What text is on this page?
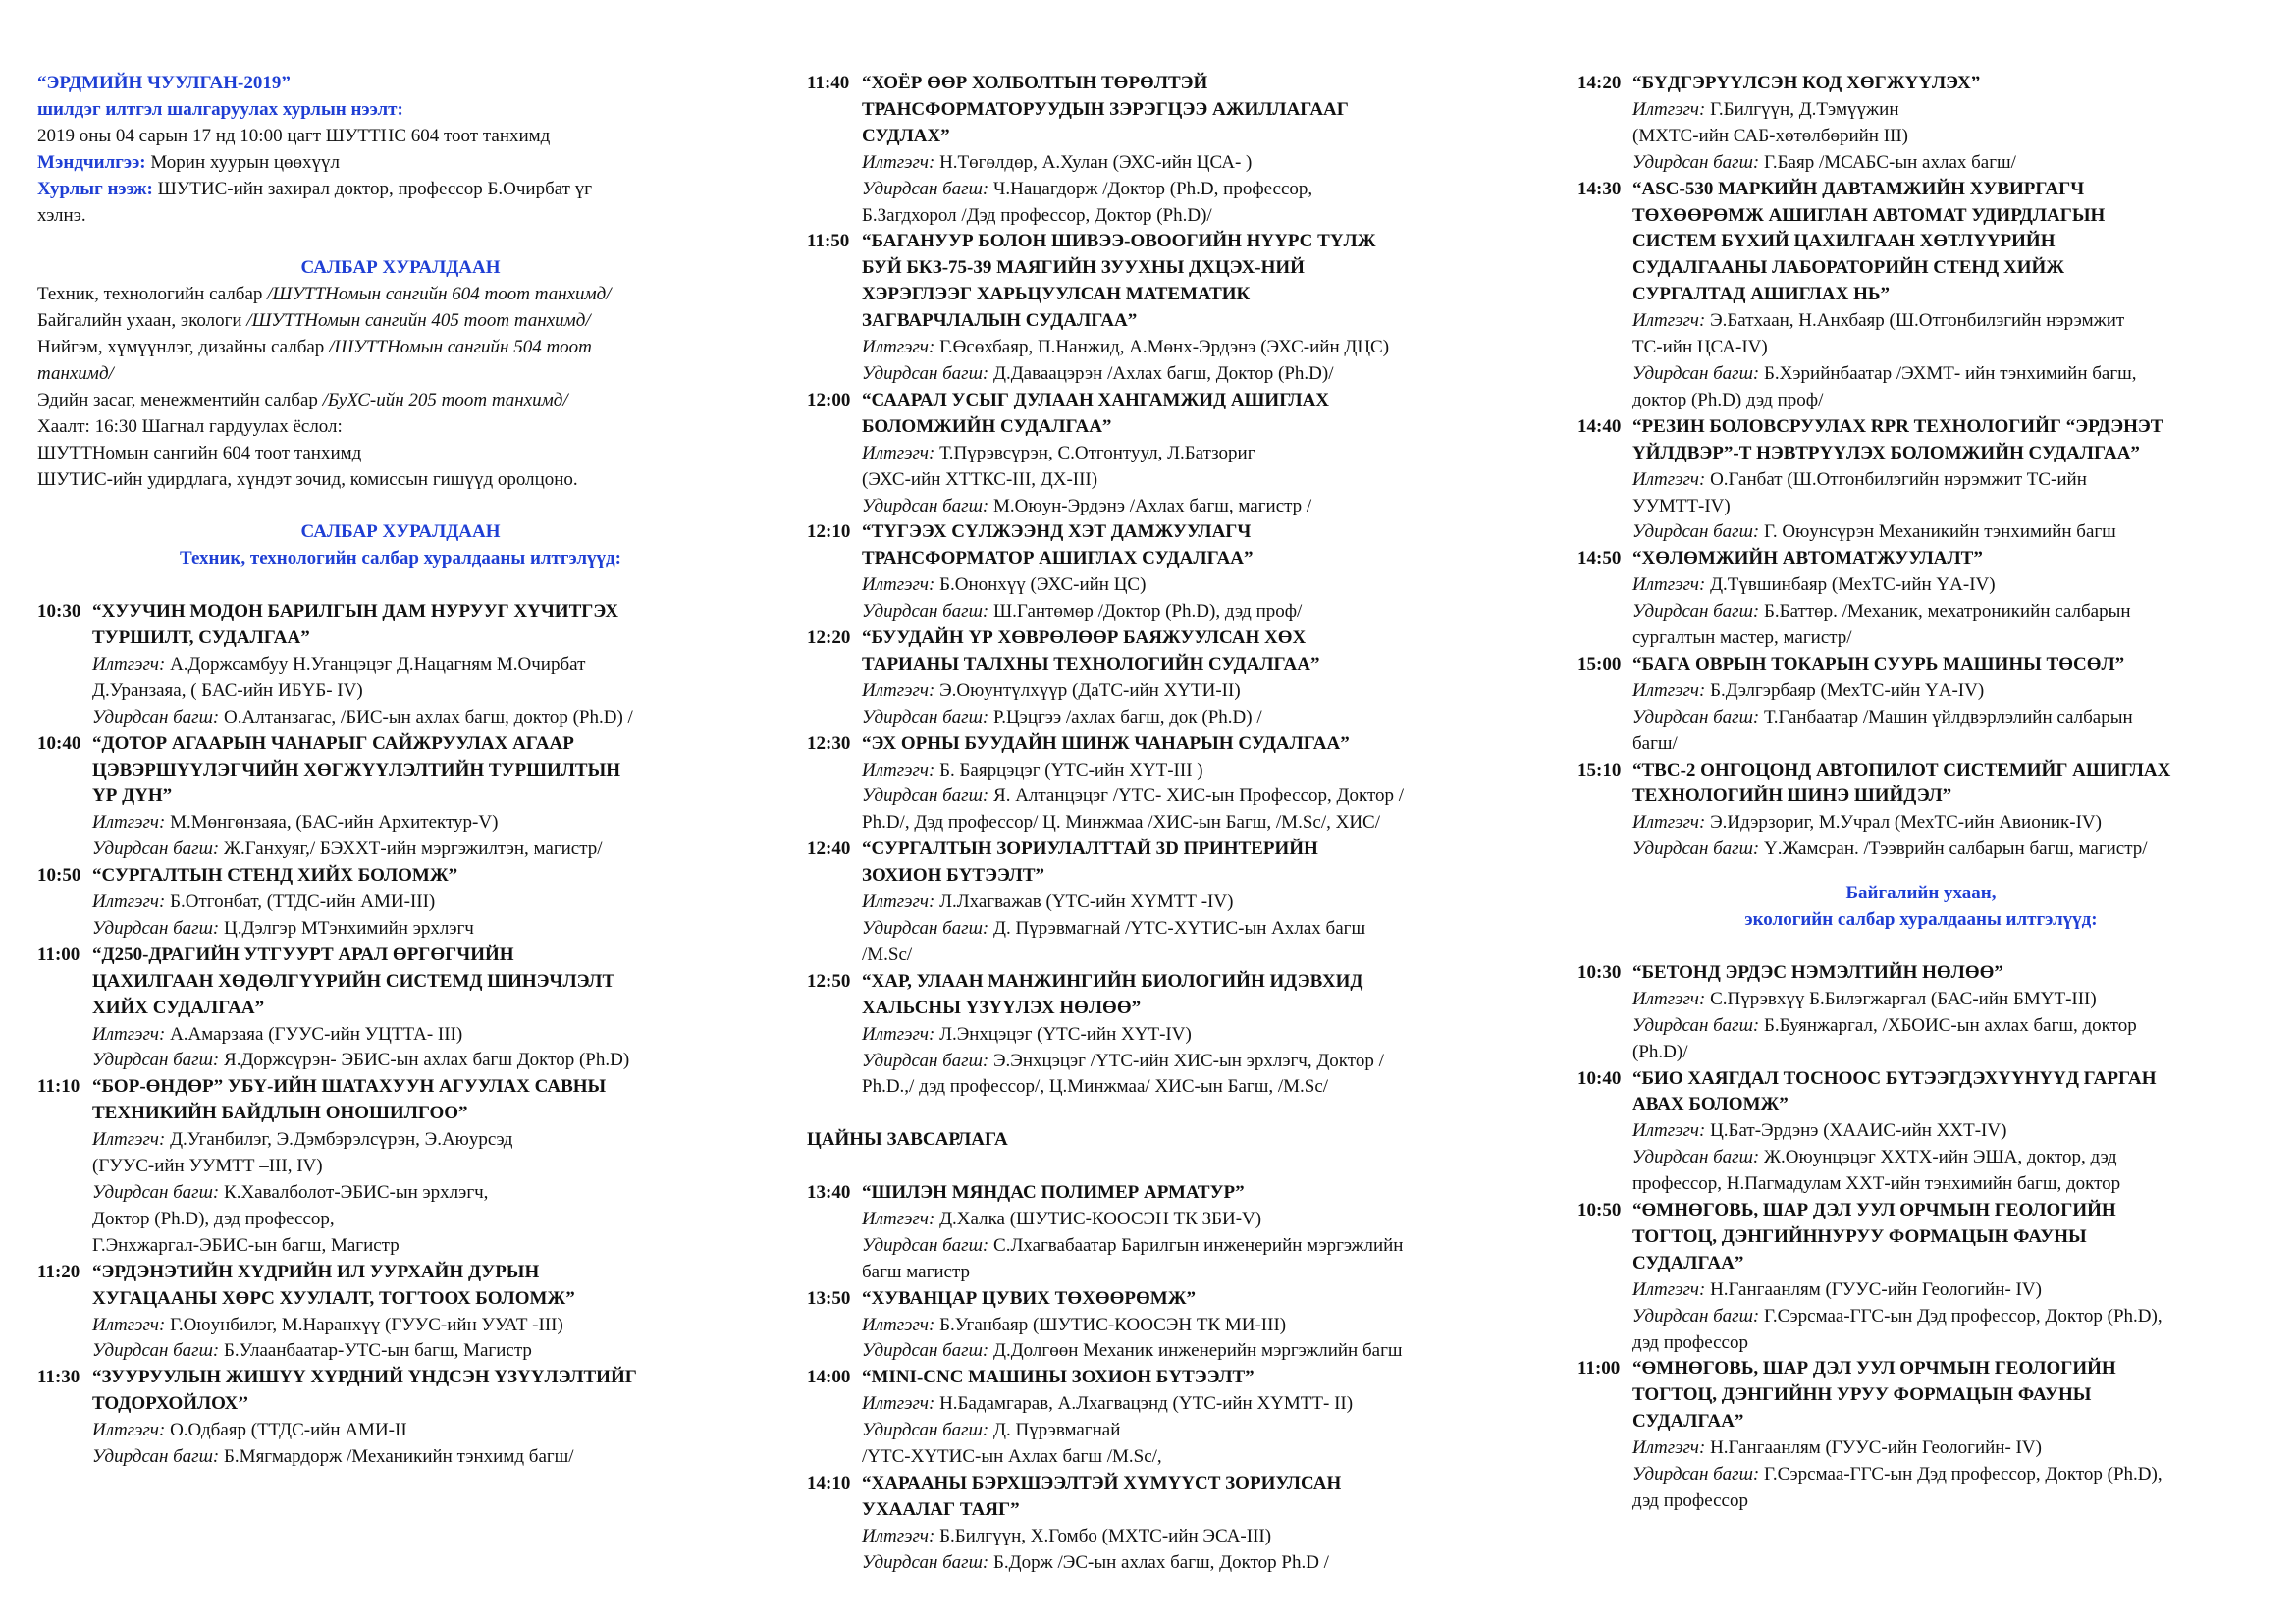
“ЭРДМИЙН ЧУУЛГАН-2019”
шилдэг илтгэл шалгаруулах хурлын нээлт:
2019 оны 04 сарын 17 нд 10:00 цагт ШУТТНС 604 тоот танхимд
Мэндчилгээ: Морин хуурын цөөхүүл
Хурлыг нээж: ШУТИС-ийн захирал доктор, профессор Б.Очирбат үг
хэлнэ.
САЛБАР ХУРАЛДААН
Техник, технологийн салбар /ШУТТНомын сангийн 604 тоот танхимд/
Байгалийн ухаан, экологи /ШУТТНомын сангийн 405 тоот танхимд/
Нийгэм, хүмүүнлэг, дизайны салбар /ШУТТНомын сангийн 504 тоот
танхимд/
Эдийн засаг, менежментийн салбар /БуХС-ийн 205 тоот танхимд/
Хаалт: 16:30 Шагнал гардуулах ёслол:
ШУТТНомын сангийн 604 тоот танхимд
ШУТИС-ийн удирдлага, хүндэт зочид, комиссын гишүүд оролцоно.
САЛБАР ХУРАЛДААН
Техник, технологийн салбар хуралдааны илтгэлүүд:
10:30 “ХУУЧИН МОДОН БАРИЛГЫН ДАМ НУРУУГ ХҮЧИТГЭХ
ТУРШИЛТ, СУДАЛГАА”
Илтгэгч: А.Доржсамбуу Н.Уганцэцэг Д.Нацагням М.Очирбат
Д.Уранзаяа, ( БАС-ийн ИБҮБ- IV)
Удирдсан багш: О.Алтанзагас, /БИС-ын ахлах багш, доктор (Ph.D) /
10:40 “ДОТОР АГААРЫН ЧАНАРЫГ САЙЖРУУЛАХ АГААР
ЦЭВЭРШҮҮЛЭГЧИЙН ХӨГЖҮҮЛЭЛТИЙН ТУРШИЛТЫН
ҮР ДҮН”
Илтгэгч: М.Мөнгөнзаяа, (БАС-ийн Архитектур-V)
Удирдсан багш: Ж.Ганхуяг,/ БЭХХТ-ийн мэргэжилтэн, магистр/
10:50 “СУРГАЛТЫН СТЕНД ХИЙХ БОЛОМЖ”
Илтгэгч: Б.Отгонбат, (ТТДС-ийн АМИ-III)
Удирдсан багш: Ц.Дэлгэр МТэнхимийн эрхлэгч
11:00 “Д250-ДРАГИЙН УТГУУРТ АРАЛ ӨРГӨГЧИЙН
ЦАХИЛГААН ХӨДӨЛГҮҮРИЙН СИСТЕМД ШИНЭЧЛЭЛТ
ХИЙХ СУДАЛГАА”
Илтгэгч: А.Амарзаяа (ГУУС-ийн УЦТТА- III)
Удирдсан багш: Я.Доржсүрэн- ЭБИС-ын ахлах багш Доктор (Ph.D)
11:10 “БОР-ӨНДӨР” УБҮ-ИЙН ШАТАХУУН АГУУЛАХ САВНЫ
ТЕХНИКИЙН БАЙДЛЫН ОНОШИЛГОО”
Илтгэгч: Д.Уганбилэг, Э.Дэмбэрэлсүрэн, Э.Аюурсэд
(ГУУС-ийн УУМТТ –III, IV)
Удирдсан багш: К.Хавалболот-ЭБИС-ын эрхлэгч,
Доктор (Ph.D), дэд профессор,
Г.Энхжаргал-ЭБИС-ын багш, Магистр
11:20 “ЭРДЭНЭТИЙН ХҮДРИЙН ИЛ УУРХАЙН ДУРЫН
ХУГАЦААНЫ ХӨРС ХУУЛАЛТ, ТОГТООХ БОЛОМЖ”
Илтгэгч: Г.Оюунбилэг, М.Наранхүү (ГУУС-ийн УУАТ -III)
Удирдсан багш: Б.Улаанбаатар-УТС-ын багш, Магистр
11:30 “ЗУУРУУЛЫН ЖИШҮҮ ХҮРДНИЙ ҮНДСЭН ҮЗҮҮЛЭЛТИЙГ
ТОДОРХОЙЛОХ’’
Илтгэгч: О.Одбаяр (ТТДС-ийн АМИ-II
Удирдсан багш: Б.Мягмардорж /Механикийн тэнхимд багш/
11:40 “ХОЁР ӨӨР ХОЛБОЛТЫН ТӨРӨЛТЭЙ
ТРАНСФОРМАТОРУУДЫН ЗЭРЭГЦЭЭ АЖИЛЛАГААГ
СУДЛАХ”
Илтгэгч: Н.Төгөлдөр, А.Хулан (ЭХС-ийн ЦСА- )
Удирдсан багш: Ч.Нацагдорж /Доктор (Ph.D, профессор,
Б.Загдхорол /Дэд профессор, Доктор (Ph.D)/
11:50 “БАГАНУУР БОЛОН ШИВЭЭ-ОВООГИЙН НҮҮРС ТҮЛЖ
БУЙ БКЗ-75-39 МАЯГИЙН ЗУУХНЫ ДХЦЭХ-НИЙ
ХЭРЭГЛЭЭГ ХАРЬЦУУЛСАН МАТЕМАТИК
ЗАГВАРЧЛАЛЫН СУДАЛГАА”
Илтгэгч: Г.Өсөхбаяр, П.Нанжид, А.Мөнх-Эрдэнэ (ЭХС-ийн ДЦС)
Удирдсан багш: Д.Даваацэрэн /Ахлах багш, Доктор (Ph.D)/
12:00 “СААРАЛ УСЫГ ДУЛААН ХАНГАМЖИД АШИГЛАХ
БОЛОМЖИЙН СУДАЛГАА”
Илтгэгч: Т.Пүрэвсүрэн, С.Отгонтуул, Л.Батзориг
(ЭХС-ийн ХТТКС-III, ДХ-III)
Удирдсан багш: М.Оюун-Эрдэнэ /Ахлах багш, магистр /
12:10 “ТҮГЭЭХ СҮЛЖЭЭНД ХЭТ ДАМЖУУЛАГЧ
ТРАНСФОРМАТОР АШИГЛАХ СУДАЛГАА”
Илтгэгч: Б.Ононхүү (ЭХС-ийн ЦС)
Удирдсан багш: Ш.Гантөмөр /Доктор (Ph.D), дэд проф/
12:20 “БУУДАЙН ҮР ХӨВРӨЛӨӨР БАЯЖУУЛСАН ХӨХ
ТАРИАНЫ ТАЛХНЫ ТЕХНОЛОГИЙН СУДАЛГАА”
Илтгэгч: Э.Оюунтүлхүүр (ДаТС-ийн ХҮТИ-II)
Удирдсан багш: Р.Цэцгээ /ахлах багш, док (Ph.D) /
12:30 “ЭХ ОРНЫ БУУДАЙН ШИНЖ ЧАНАРЫН СУДАЛГАА”
Илтгэгч: Б. Баярцэцэг (ҮТС-ийн ХҮТ-III )
Удирдсан багш: Я. Алтанцэцэг /ҮТС- ХИС-ын Профессор, Доктор /
Ph.D/, Дэд профессор/ Ц. Минжмаа /ХИС-ын Багш, /M.Sc/, ХИС/
12:40 “СУРГАЛТЫН ЗОРИУЛАЛТТАЙ 3D ПРИНТЕРИЙН
ЗОХИОН БҮТЭЭЛТ”
Илтгэгч: Л.Лхагважав (ҮТС-ийн ХҮМТТ -IV)
Удирдсан багш: Д. Пүрэвмагнай /ҮТС-ХҮТИС-ын Ахлах багш
/M.Sc/
12:50 “ХАР, УЛААН МАНЖИНГИЙН БИОЛОГИЙН ИДЭВХИД
ХАЛЬСНЫ ҮЗҮҮЛЭХ НӨЛӨӨ”
Илтгэгч: Л.Энхцэцэг (ҮТС-ийн ХҮТ-IV)
Удирдсан багш: Э.Энхцэцэг /ҮТС-ийн ХИС-ын эрхлэгч, Доктор /
Ph.D.,/ дэд профессор/, Ц.Минжмаа/ ХИС-ын Багш, /M.Sc/
ЦАЙНЫ ЗАВСАРЛАГА
13:40 “ШИЛЭН МЯНДАС ПОЛИМЕР АРМАТУР”
Илтгэгч: Д.Халка (ШУТИС-КООСЭН ТК ЗБИ-V)
Удирдсан багш: С.Лхагвабаатар Барилгын инженерийн мэргэжлийн
багш магистр
13:50 “ХУВАНЦАР ЦУВИХ ТӨХӨӨРӨМЖ”
Илтгэгч: Б.Уганбаяр (ШУТИС-КООСЭН ТК МИ-III)
Удирдсан багш: Д.Долгөөн Механик инженерийн мэргэжлийн багш
14:00 “MINI-CNC МАШИНЫ ЗОХИОН БҮТЭЭЛТ”
Илтгэгч: Н.Бадамгарав, А.Лхагвацэнд (ҮТС-ийн ХҮМТТ- II)
Удирдсан багш: Д. Пүрэвмагнай
/ҮТС-ХҮТИС-ын Ахлах багш /M.Sc/,
14:10 “ХАРААНЫ БЭРХШЭЭЛТЭЙ ХҮМҮҮСТ ЗОРИУЛСАН
УХААЛАГ ТАЯГ”
Илтгэгч: Б.Билгүүн, Х.Гомбо (МХТС-ийн ЭСА-III)
Удирдсан багш: Б.Дорж /ЭС-ын ахлах багш, Доктор Ph.D /
14:20 “БҮДГЭРҮҮЛСЭН КОД ХӨГЖҮҮЛЭХ”
Илтгэгч: Г.Билгүүн, Д.Тэмүүжин
(МХТС-ийн САБ-хөтөлбөрийн III)
Удирдсан багш: Г.Баяр /МСАБС-ын ахлах багш/
14:30 “ASC-530 МАРКИЙН ДАВТАМЖИЙН ХУВИРГАГЧ
ТӨХӨӨРӨМЖ АШИГЛАН АВТОМАТ УДИРДЛАГЫН
СИСТЕМ БҮХИЙ ЦАХИЛГААН ХӨТЛҮҮРИЙН
СУДАЛГААНЫ ЛАБОРАТОРИЙН СТЕНД ХИЙЖ
СУРГАЛТАД АШИГЛАХ НЬ”
Илтгэгч: Э.Батхаан, Н.Анхбаяр (Ш.Отгонбилэгийн нэрэмжит
ТС-ийн ЦСА-IV)
Удирдсан багш: Б.Хэрийнбаатар /ЭХМТ- ийн тэнхимийн багш,
доктор (Ph.D) дэд проф/
14:40 “РЕЗИН БОЛОВСРУУЛАХ RPR ТЕХНОЛОГИЙГ “ЭРДЭНЭТ
ҮЙЛДВЭР”-Т НЭВТРҮҮЛЭХ БОЛОМЖИЙН СУДАЛГАА”
Илтгэгч: О.Ганбат (Ш.Отгонбилэгийн нэрэмжит ТС-ийн
УУМТТ-IV)
Удирдсан багш: Г. Оюунсүрэн Механикийн тэнхимийн багш
14:50 “ХӨЛӨМЖИЙН АВТОМАТЖУУЛАЛТ”
Илтгэгч: Д.Түвшинбаяр (МехТС-ийн ҮА-IV)
Удирдсан багш: Б.Баттөр. /Механик, мехатроникийн салбарын
сургалтын мастер, магистр/
15:00 “БАГА ОВРЫН ТОКАРЫН СУУРЬ МАШИНЫ ТӨСӨЛ”
Илтгэгч: Б.Дэлгэрбаяр (МехТС-ийн ҮА-IV)
Удирдсан багш: Т.Ганбаатар /Машин үйлдвэрлэлийн салбарын
багш/
15:10 “ТВС-2 ОНГОЦОНД АВТОПИЛОТ СИСТЕМИЙГ АШИГЛАХ
ТЕХНОЛОГИЙН ШИНЭ ШИЙДЭЛ”
Илтгэгч: Э.Идэрзориг, М.Учрал (МехТС-ийн Авионик-IV)
Удирдсан багш: Ү.Жамсран. /Тээврийн салбарын багш, магистр/
Байгалийн ухаан,
экологийн салбар хуралдааны илтгэлүүд:
10:30 “БЕТОНД ЭРДЭС НЭМЭЛТИЙН НӨЛӨӨ”
Илтгэгч: С.Пүрэвхүү Б.Билэгжаргал (БАС-ийн БМҮТ-III)
Удирдсан багш: Б.Буянжаргал, /ХБОИС-ын ахлах багш, доктор
(Ph.D)/
10:40 “БИО ХАЯГДАЛ ТОСНООС БҮТЭЭГДЭХҮҮНҮҮД ГАРГАН
АВАХ БОЛОМЖ”
Илтгэгч: Ц.Бат-Эрдэнэ (ХААИС-ийн ХХТ-IV)
Удирдсан багш: Ж.Оюунцэцэг ХХТХ-ийн ЭША, доктор, дэд
профессор, Н.Пагмадулам ХХТ-ийн тэнхимийн багш, доктор
10:50 “ӨМНӨГОВЬ, ШАР ДЭЛ УУЛ ОРЧМЫН ГЕОЛОГИЙН
ТОГТОЦ, ДЭНГИЙННУРУУ ФОРМАЦЫН ФАУНЫ
СУДАЛГАА”
Илтгэгч: Н.Гангаанлям (ГУУС-ийн Геологийн- IV)
Удирдсан багш: Г.Сэрсмаа-ГГС-ын Дэд профессор, Доктор (Ph.D),
дэд профессор
11:00 “ӨМНӨГОВЬ, ШАР ДЭЛ УУЛ ОРЧМЫН ГЕОЛОГИЙН
ТОГТОЦ, ДЭНГИЙНН УРУУ ФОРМАЦЫН ФАУНЫ
СУДАЛГАА”
Илтгэгч: Н.Гангаанлям (ГУУС-ийн Геологийн- IV)
Удирдсан багш: Г.Сэрсмаа-ГГС-ын Дэд профессор, Доктор (Ph.D),
дэд профессор
